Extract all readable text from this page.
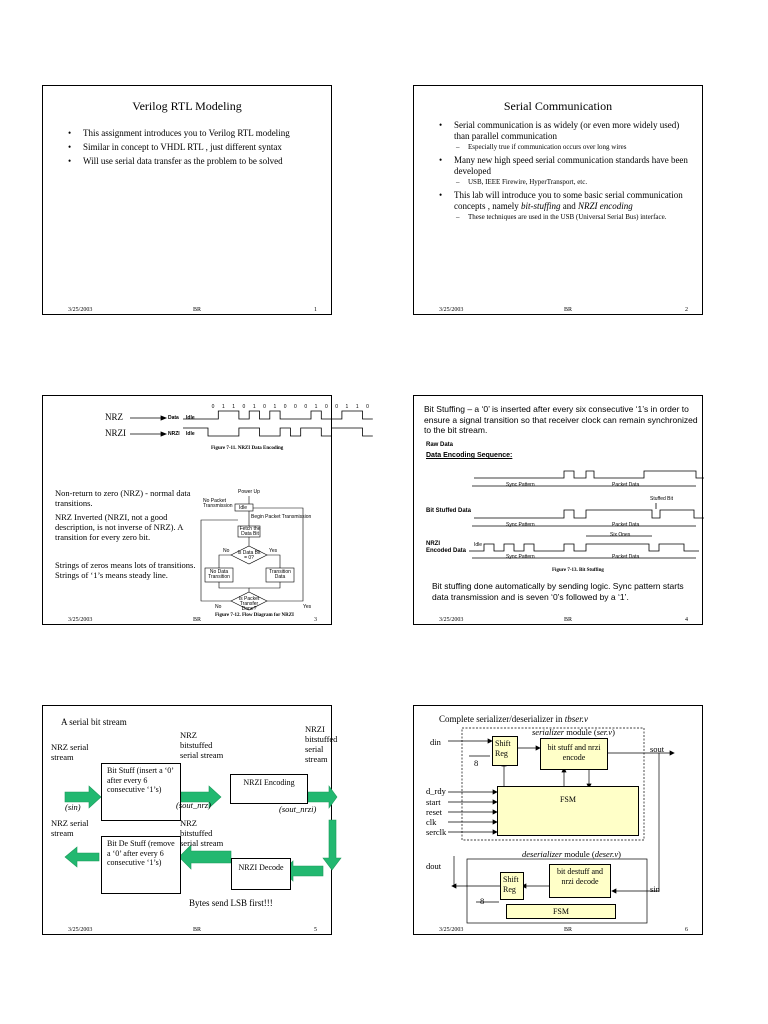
Verilog RTL Modeling
• This assignment introduces you to Verilog RTL modeling
• Similar in concept to VHDL RTL , just different syntax
• Will use serial data transfer as the problem to be solved
3/25/2003	BR	1
Serial Communication
• Serial communication is as widely (or even more widely used) than parallel communication
– Especially true if communication occurs over long wires
• Many new high speed serial communication standards have been developed
– USB, IEEE Firewire, HyperTransport, etc.
• This lab will introduce you to some basic serial communication concepts , namely bit-stuffing and NRZI encoding
– These techniques are used in the USB (Universal Serial Bus) interface.
3/25/2003	BR	2
0 1 1 0 1 0 1 0 0 0 1 0 0 1 1 0
NRZ
NRZI
Data Idle
NRZI Idle
Figure 7-11. NRZI Data Encoding
Power Up
No Packet Transmission	Idle
Begin Packet Transmission
Fetch the Data Bit
Is Data Bit = 0?
No	Yes
No Data Transition
Transition Data
Is Packet Transfer Done?
No	Yes
Figure 7-12. Flow Diagram for NRZI
Non-return to zero (NRZ) - normal data transitions.
NRZ Inverted (NRZI, not a good description, is not inverse of NRZ). A transition for every zero bit.
Strings of zeros means lots of transitions. Strings of ‘1’s means steady line.
3/25/2003	BR	3
Bit Stuffing – a ‘0’ is inserted after every six consecutive ‘1’s in order to ensure a signal transition so that receiver clock can remain synchronized to the bit stream.
Data Encoding Sequence:
Raw Data
Bit Stuffed Data
NRZI
Encoded Data
Idle
Sync Pattern	Packet Data
Sync Pattern	Packet Data
Sync Pattern	Packet Data
Stuffed Bit
Six Ones
Figure 7-13. Bit Stuffing
Bit stuffing done automatically by sending logic. Sync pattern starts data transmission and is seven ‘0’s followed by a ‘1’.
3/25/2003	BR	4
A serial bit stream
NRZ serial stream
(sin)
Bit Stuff (insert a ‘0’ after every 6 consecutive ‘1’s)
NRZ bitstuffed serial stream
(sout_nrz)
NRZI Encoding
NRZI bitstuffed serial stream
(sout_nrzi)
NRZ serial stream
Bit De Stuff (remove a ‘0’ after every 6 consecutive ‘1’s)
NRZ bitstuffed serial stream
NRZI Decode
Bytes send LSB first!!!
3/25/2003	BR	5
Complete serializer/deserializer in tbser.v
serializer module (ser.v)
din
sout
Shift Reg
8
bit stuff and nrzi encode
FSM
d_rdy
start
reset
clk
serclk
deserializer module (deser.v)
dout
sin
Shift Reg
8
bit destuff and nrzi decode
FSM
3/25/2003	BR	6
